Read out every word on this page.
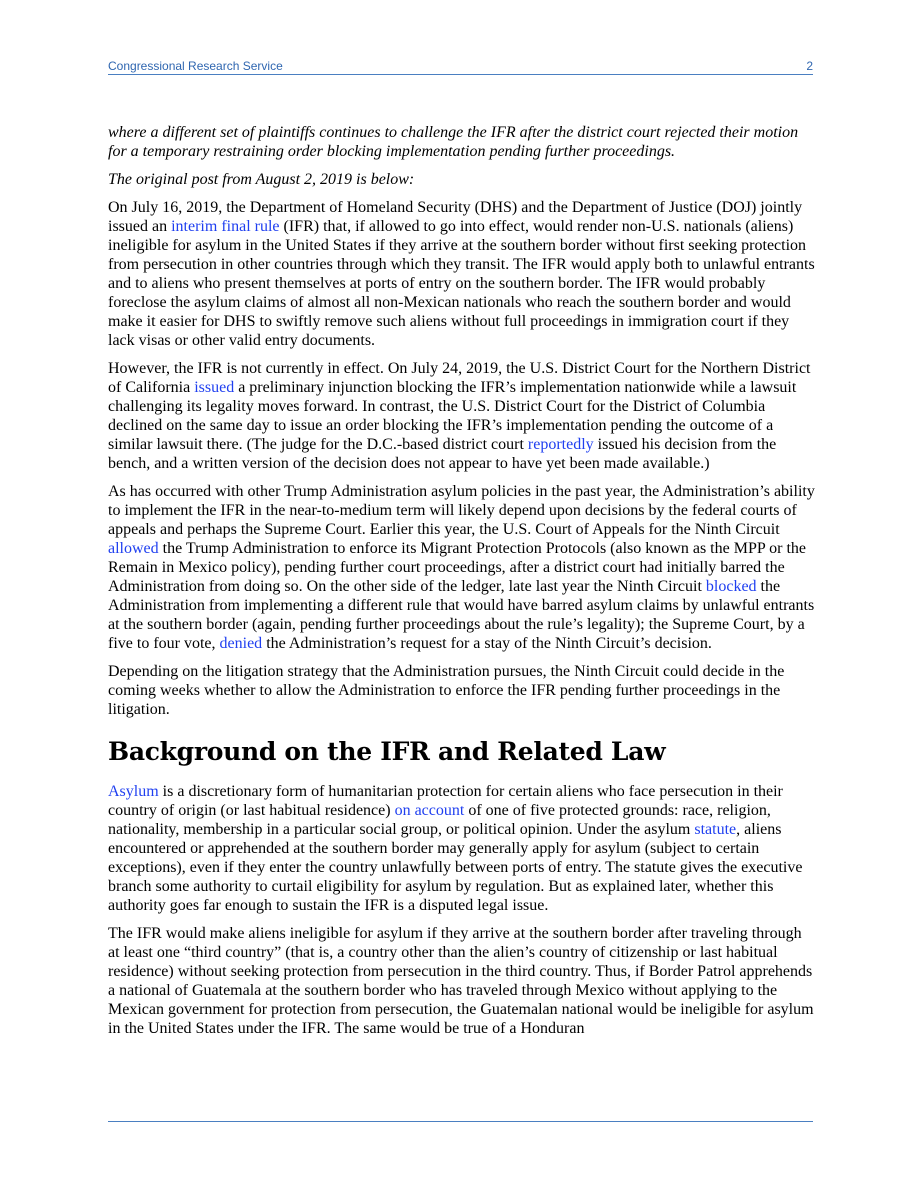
Congressional Research Service	2

where a different set of plaintiffs continues to challenge the IFR after the district court rejected their motion for a temporary restraining order blocking implementation pending further proceedings.

The original post from August 2, 2019 is below:

On July 16, 2019, the Department of Homeland Security (DHS) and the Department of Justice (DOJ) jointly issued an interim final rule (IFR) that, if allowed to go into effect, would render non-U.S. nationals (aliens) ineligible for asylum in the United States if they arrive at the southern border without first seeking protection from persecution in other countries through which they transit. The IFR would apply both to unlawful entrants and to aliens who present themselves at ports of entry on the southern border. The IFR would probably foreclose the asylum claims of almost all non-Mexican nationals who reach the southern border and would make it easier for DHS to swiftly remove such aliens without full proceedings in immigration court if they lack visas or other valid entry documents.

However, the IFR is not currently in effect. On July 24, 2019, the U.S. District Court for the Northern District of California issued a preliminary injunction blocking the IFR’s implementation nationwide while a lawsuit challenging its legality moves forward. In contrast, the U.S. District Court for the District of Columbia declined on the same day to issue an order blocking the IFR’s implementation pending the outcome of a similar lawsuit there. (The judge for the D.C.-based district court reportedly issued his decision from the bench, and a written version of the decision does not appear to have yet been made available.)

As has occurred with other Trump Administration asylum policies in the past year, the Administration’s ability to implement the IFR in the near-to-medium term will likely depend upon decisions by the federal courts of appeals and perhaps the Supreme Court. Earlier this year, the U.S. Court of Appeals for the Ninth Circuit allowed the Trump Administration to enforce its Migrant Protection Protocols (also known as the MPP or the Remain in Mexico policy), pending further court proceedings, after a district court had initially barred the Administration from doing so. On the other side of the ledger, late last year the Ninth Circuit blocked the Administration from implementing a different rule that would have barred asylum claims by unlawful entrants at the southern border (again, pending further proceedings about the rule’s legality); the Supreme Court, by a five to four vote, denied the Administration’s request for a stay of the Ninth Circuit’s decision.

Depending on the litigation strategy that the Administration pursues, the Ninth Circuit could decide in the coming weeks whether to allow the Administration to enforce the IFR pending further proceedings in the litigation.

Background on the IFR and Related Law

Asylum is a discretionary form of humanitarian protection for certain aliens who face persecution in their country of origin (or last habitual residence) on account of one of five protected grounds: race, religion, nationality, membership in a particular social group, or political opinion. Under the asylum statute, aliens encountered or apprehended at the southern border may generally apply for asylum (subject to certain exceptions), even if they enter the country unlawfully between ports of entry. The statute gives the executive branch some authority to curtail eligibility for asylum by regulation. But as explained later, whether this authority goes far enough to sustain the IFR is a disputed legal issue.

The IFR would make aliens ineligible for asylum if they arrive at the southern border after traveling through at least one “third country” (that is, a country other than the alien’s country of citizenship or last habitual residence) without seeking protection from persecution in the third country. Thus, if Border Patrol apprehends a national of Guatemala at the southern border who has traveled through Mexico without applying to the Mexican government for protection from persecution, the Guatemalan national would be ineligible for asylum in the United States under the IFR. The same would be true of a Honduran
